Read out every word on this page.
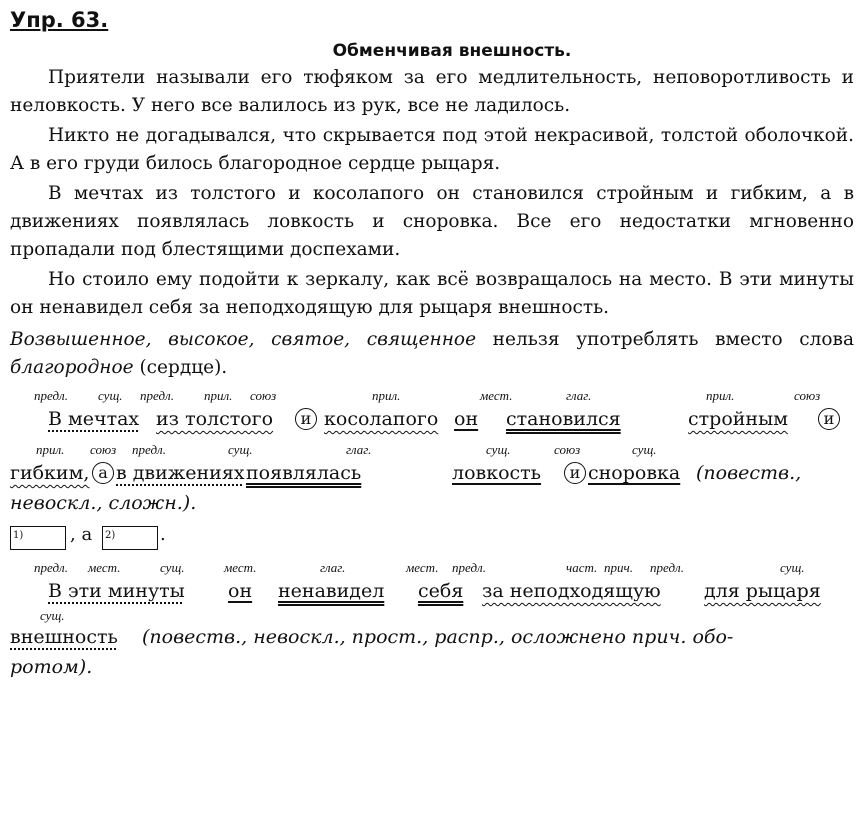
Упр. 63.
Обменчивая внешность.

Приятели называли его тюфяком за его медлительность, неповоротливость и неловкость. У него все валилось из рук, все не ладилось.

Никто не догадывался, что скрывается под этой некрасивой, толстой оболочкой. А в его груди билось благородное сердце рыцаря.

В мечтах из толстого и косолапого он становился стройным и гибким, а в движениях появлялась ловкость и сноровка. Все его недостатки мгновенно пропадали под блестящими доспехами.

Но стоило ему подойти к зеркалу, как всё возвращалось на место. В эти минуты он ненавидел себя за неподходящую для рыцаря внешность.

Возвышенное, высокое, святое, священное нельзя употреблять вместо слова благородное (сердце).
предл. сущ. предл. прил. союз	прил.	мест.	глаг.	прил.	союз
В мечтах из толстого	и косолапого он становился	стройным	и
прил. союз предл.	сущ.	глаг.	сущ.	союз	сущ.
гибким, а в движениях появлялась	ловкость	и сноровка (повеств.,
невоскл., сложн.).
1)	, а 2) .
предл. мест.	сущ.	мест.	глаг.	мест. предл.	част. прич. предл.	сущ.
В эти минуты он ненавидел себя за неподходящую для рыцаря
сущ.
внешность (повеств., невоскл., прост., распр., осложнено прич. обо-
ротом).
